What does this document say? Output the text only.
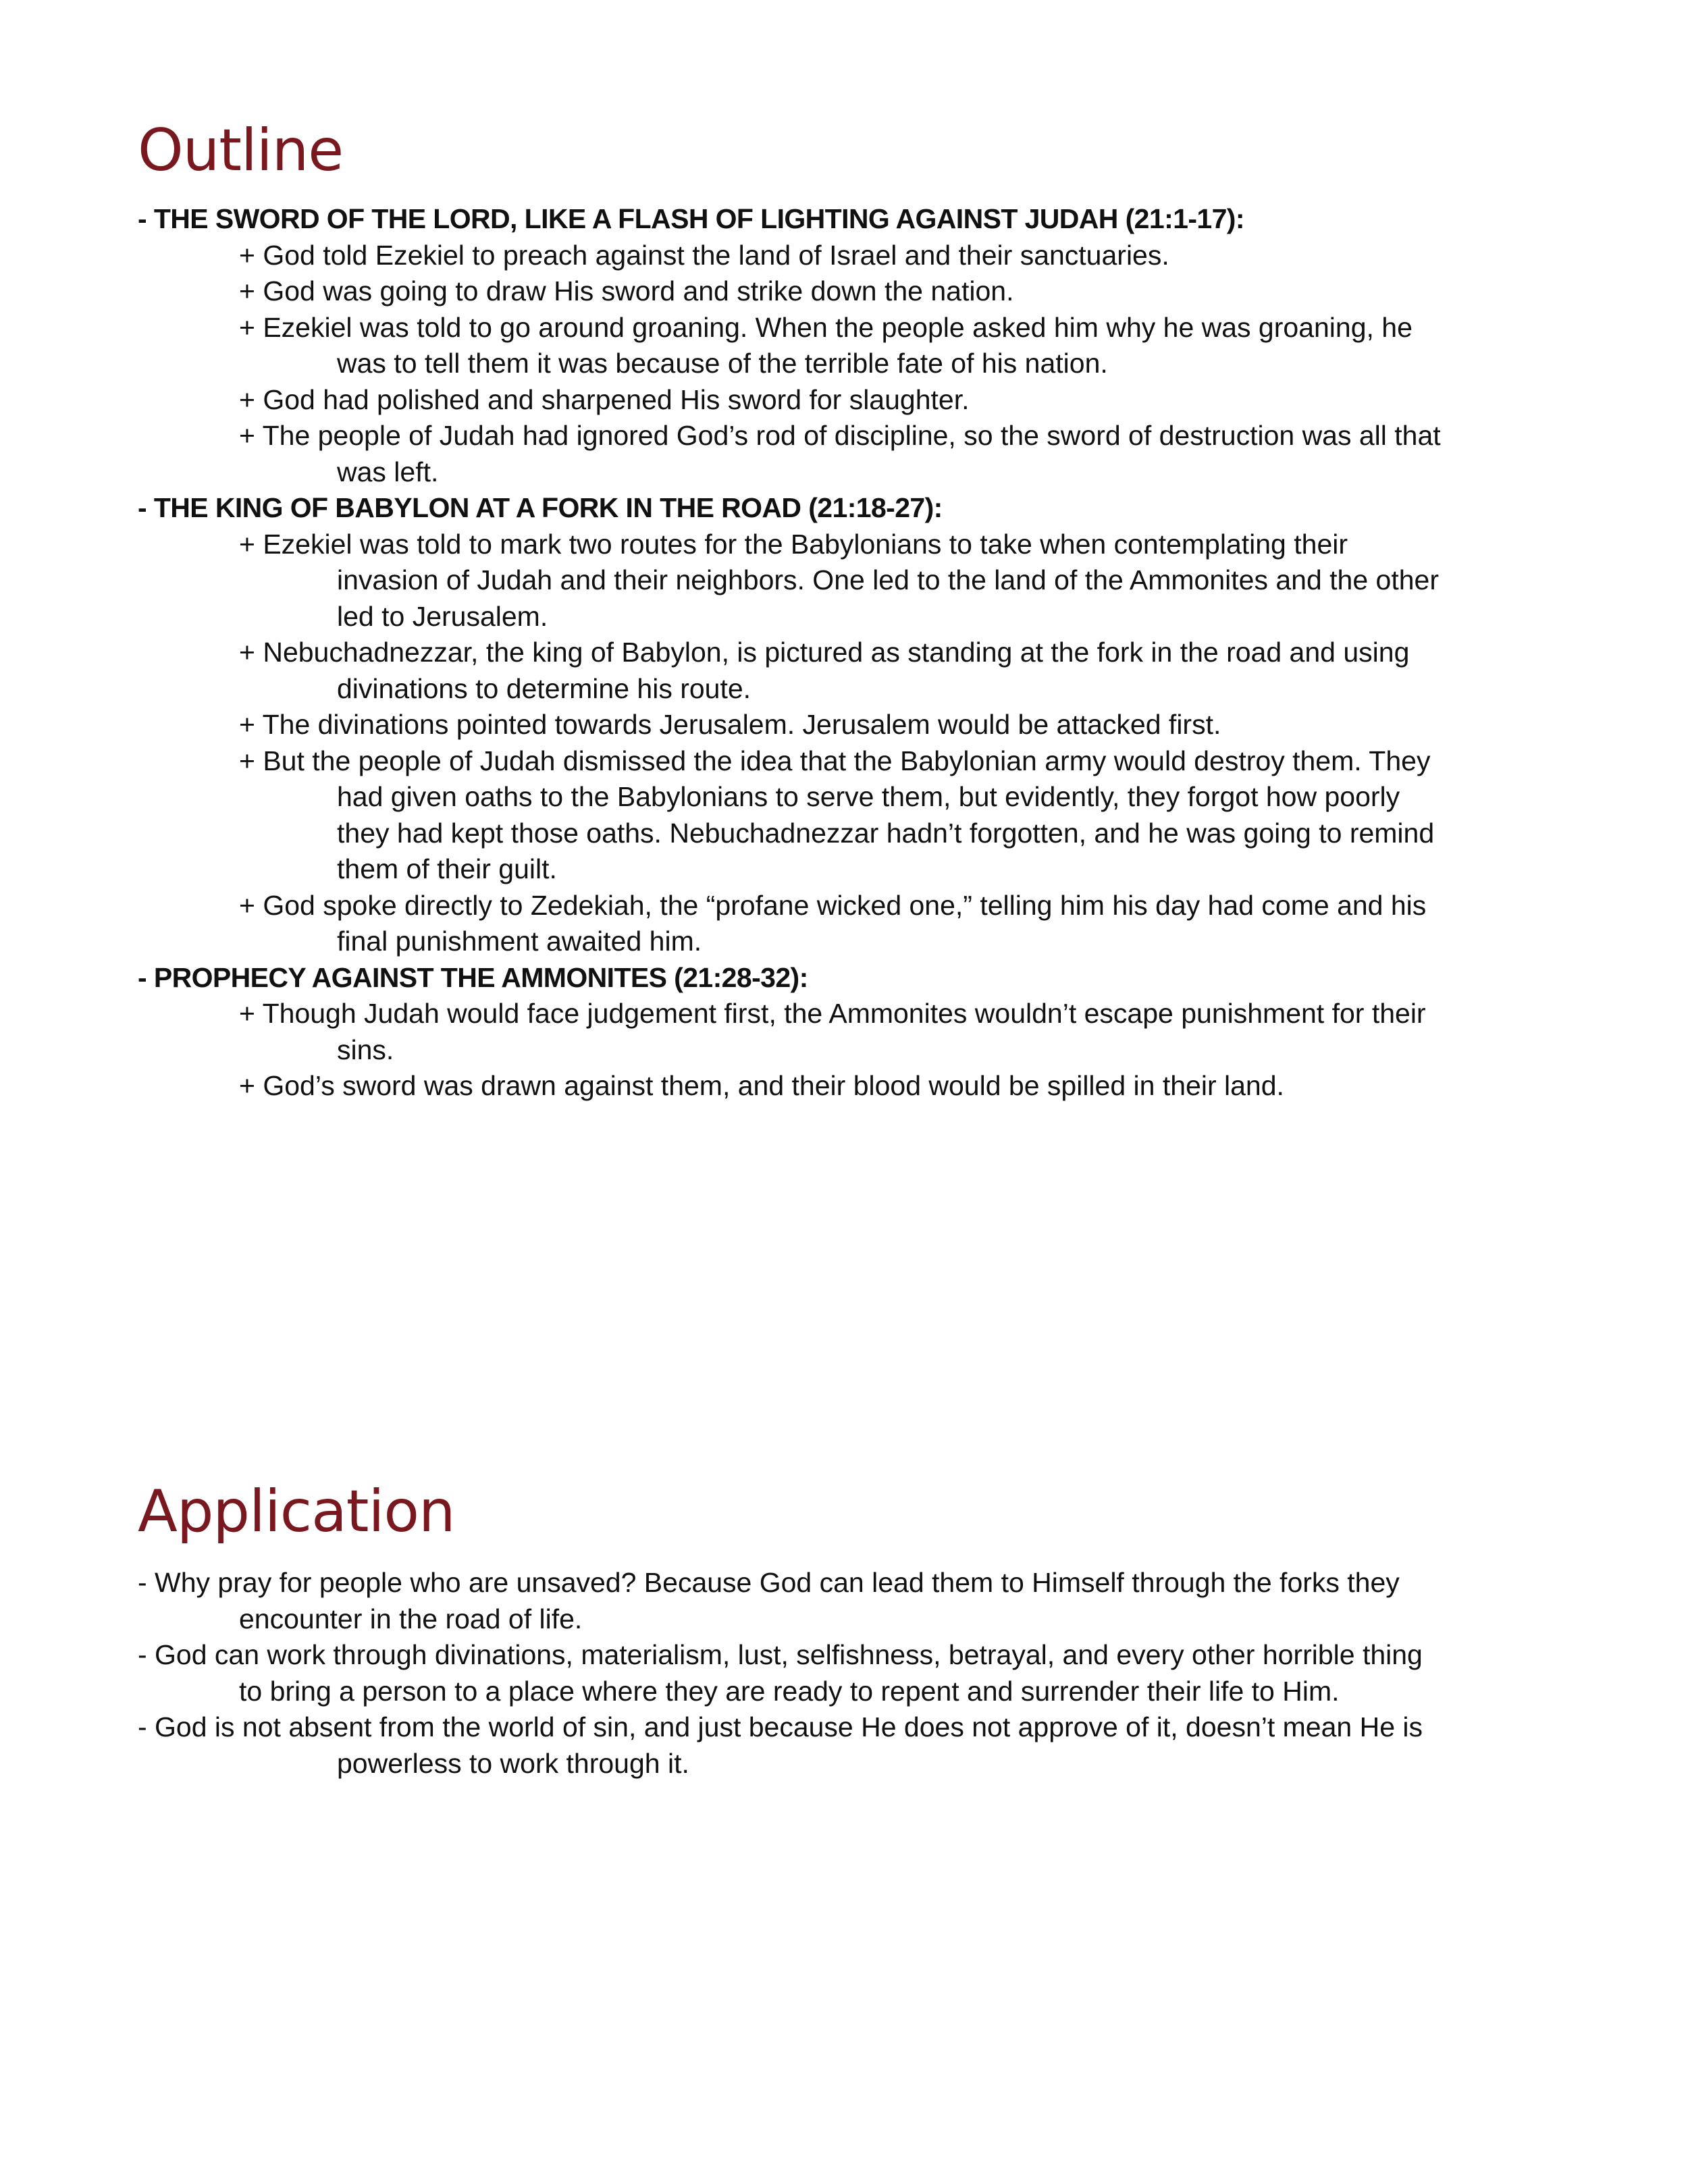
Outline
- THE SWORD OF THE LORD, LIKE A FLASH OF LIGHTING AGAINST JUDAH (21:1-17):
+ God told Ezekiel to preach against the land of Israel and their sanctuaries.
+ God was going to draw His sword and strike down the nation.
+ Ezekiel was told to go around groaning. When the people asked him why he was groaning, he
was to tell them it was because of the terrible fate of his nation.
+ God had polished and sharpened His sword for slaughter.
+ The people of Judah had ignored God’s rod of discipline, so the sword of destruction was all that
was left.
- THE KING OF BABYLON AT A FORK IN THE ROAD (21:18-27):
+ Ezekiel was told to mark two routes for the Babylonians to take when contemplating their
invasion of Judah and their neighbors. One led to the land of the Ammonites and the other
led to Jerusalem.
+ Nebuchadnezzar, the king of Babylon, is pictured as standing at the fork in the road and using
divinations to determine his route.
+ The divinations pointed towards Jerusalem. Jerusalem would be attacked first.
+ But the people of Judah dismissed the idea that the Babylonian army would destroy them. They
had given oaths to the Babylonians to serve them, but evidently, they forgot how poorly
they had kept those oaths. Nebuchadnezzar hadn’t forgotten, and he was going to remind
them of their guilt.
+ God spoke directly to Zedekiah, the “profane wicked one,” telling him his day had come and his
final punishment awaited him.
- PROPHECY AGAINST THE AMMONITES (21:28-32):
+ Though Judah would face judgement first, the Ammonites wouldn’t escape punishment for their
sins.
+ God’s sword was drawn against them, and their blood would be spilled in their land.
Application
- Why pray for people who are unsaved? Because God can lead them to Himself through the forks they
encounter in the road of life.
- God can work through divinations, materialism, lust, selfishness, betrayal, and every other horrible thing
to bring a person to a place where they are ready to repent and surrender their life to Him.
- God is not absent from the world of sin, and just because He does not approve of it, doesn’t mean He is
powerless to work through it.
